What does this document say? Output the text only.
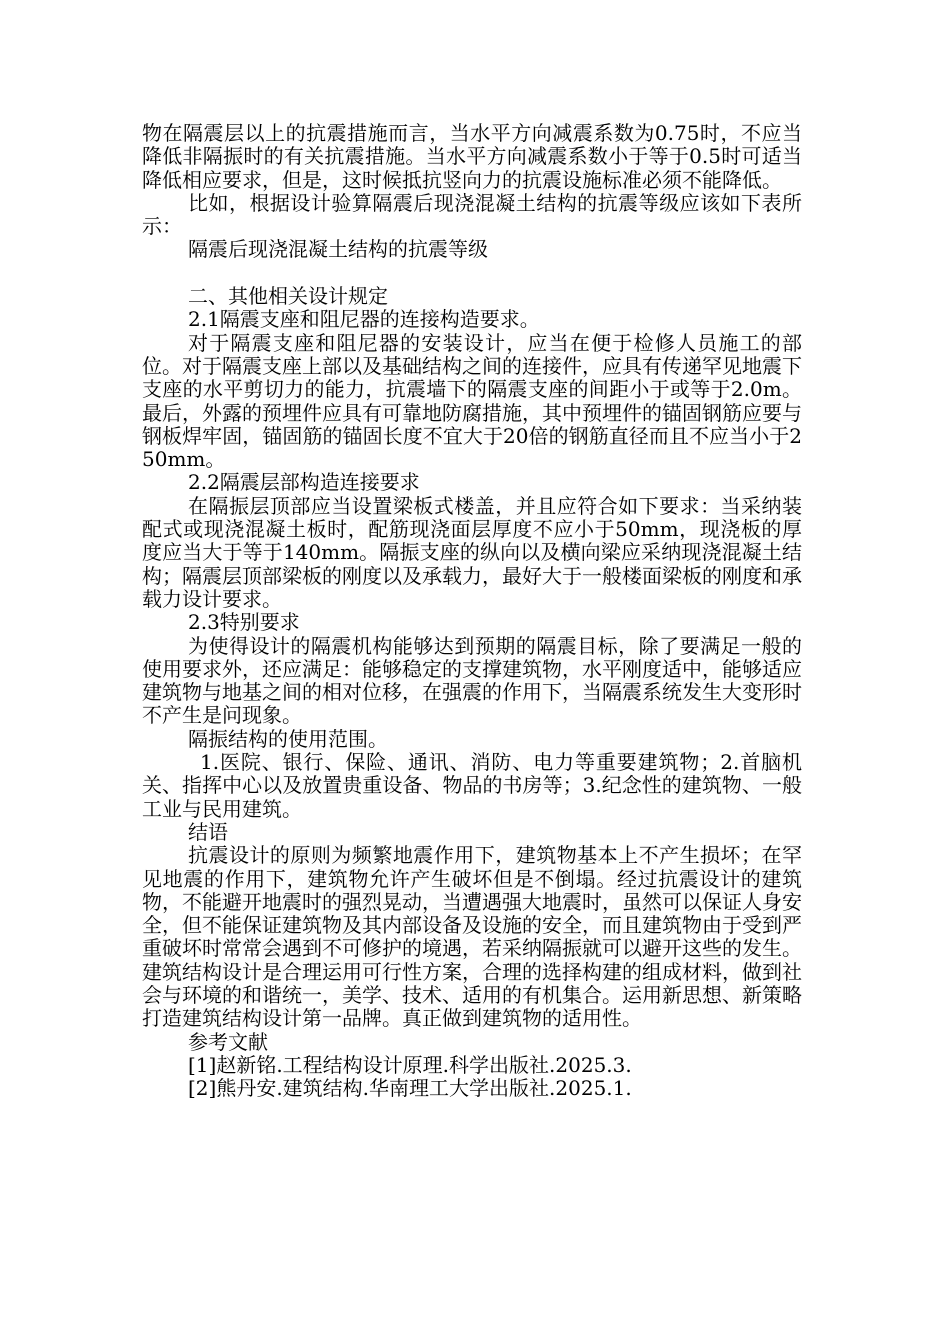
物在隔震层以上的抗震措施而言，当水平方向减震系数为0.75时，不应当降低非隔振时的有关抗震措施。当水平方向减震系数小于等于0.5时可适当降低相应要求，但是，这时候抵抗竖向力的抗震设施标准必须不能降低。

比如，根据设计验算隔震后现浇混凝土结构的抗震等级应该如下表所示：

隔震后现浇混凝土结构的抗震等级

二、其他相关设计规定

2.1隔震支座和阻尼器的连接构造要求。

对于隔震支座和阻尼器的安装设计，应当在便于检修人员施工的部位。对于隔震支座上部以及基础结构之间的连接件，应具有传递罕见地震下支座的水平剪切力的能力，抗震墙下的隔震支座的间距小于或等于2.0m。最后，外露的预埋件应具有可靠地防腐措施，其中预埋件的锚固钢筋应要与钢板焊牢固，锚固筋的锚固长度不宜大于20倍的钢筋直径而且不应当小于250mm。

2.2隔震层部构造连接要求

在隔振层顶部应当设置梁板式楼盖，并且应符合如下要求：当采纳装配式或现浇混凝土板时，配筋现浇面层厚度不应小于50mm，现浇板的厚度应当大于等于140mm。隔振支座的纵向以及横向梁应采纳现浇混凝土结构；隔震层顶部梁板的刚度以及承载力，最好大于一般楼面梁板的刚度和承载力设计要求。

2.3特别要求

为使得设计的隔震机构能够达到预期的隔震目标，除了要满足一般的使用要求外，还应满足：能够稳定的支撑建筑物，水平刚度适中，能够适应建筑物与地基之间的相对位移，在强震的作用下，当隔震系统发生大变形时不产生是问现象。

隔振结构的使用范围。

1.医院、银行、保险、通讯、消防、电力等重要建筑物；2.首脑机关、指挥中心以及放置贵重设备、物品的书房等；3.纪念性的建筑物、一般工业与民用建筑。

结语

抗震设计的原则为频繁地震作用下，建筑物基本上不产生损坏；在罕见地震的作用下，建筑物允许产生破坏但是不倒塌。经过抗震设计的建筑物，不能避开地震时的强烈晃动，当遭遇强大地震时，虽然可以保证人身安全，但不能保证建筑物及其内部设备及设施的安全，而且建筑物由于受到严重破坏时常常会遇到不可修护的境遇，若采纳隔振就可以避开这些的发生。建筑结构设计是合理运用可行性方案，合理的选择构建的组成材料，做到社会与环境的和谐统一，美学、技术、适用的有机集合。运用新思想、新策略打造建筑结构设计第一品牌。真正做到建筑物的适用性。

参考文献

[1]赵新铭.工程结构设计原理.科学出版社.2025.3.

[2]熊丹安.建筑结构.华南理工大学出版社.2025.1.
